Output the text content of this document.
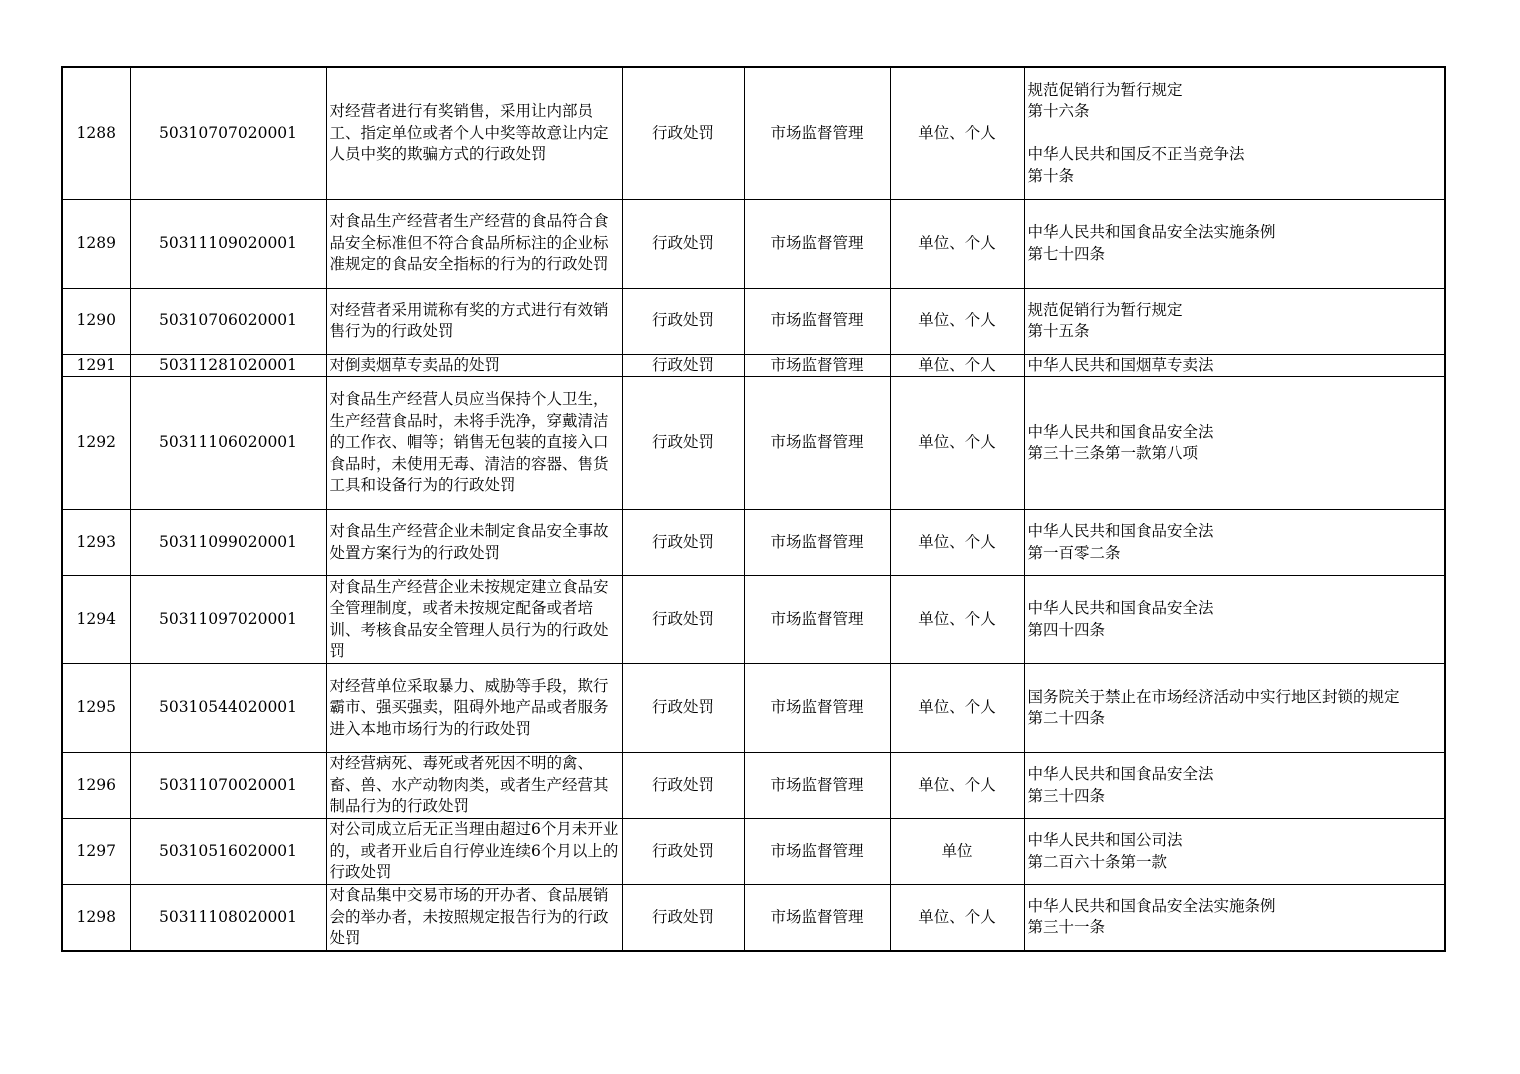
1288	50310707020001	对经营者进行有奖销售，采用让内部员工、指定单位或者个人中奖等故意让内定人员中奖的欺骗方式的行政处罚	行政处罚	市场监督管理	单位、个人	规范促销行为暂行规定
第十六条
中华人民共和国反不正当竞争法
第十条

1289	50311109020001	对食品生产经营者生产经营的食品符合食品安全标准但不符合食品所标注的企业标准规定的食品安全指标的行为的行政处罚	行政处罚	市场监督管理	单位、个人	中华人民共和国食品安全法实施条例
第七十四条

1290	50310706020001	对经营者采用谎称有奖的方式进行有效销售行为的行政处罚	行政处罚	市场监督管理	单位、个人	规范促销行为暂行规定
第十五条

1291	50311281020001	对倒卖烟草专卖品的处罚	行政处罚	市场监督管理	单位、个人	中华人民共和国烟草专卖法

1292	50311106020001	对食品生产经营人员应当保持个人卫生，生产经营食品时，未将手洗净，穿戴清洁的工作衣、帽等；销售无包装的直接入口食品时，未使用无毒、清洁的容器、售货工具和设备行为的行政处罚	行政处罚	市场监督管理	单位、个人	中华人民共和国食品安全法
第三十三条第一款第八项

1293	50311099020001	对食品生产经营企业未制定食品安全事故处置方案行为的行政处罚	行政处罚	市场监督管理	单位、个人	中华人民共和国食品安全法
第一百零二条

1294	50311097020001	对食品生产经营企业未按规定建立食品安全管理制度，或者未按规定配备或者培训、考核食品安全管理人员行为的行政处罚	行政处罚	市场监督管理	单位、个人	中华人民共和国食品安全法
第四十四条

1295	50310544020001	对经营单位采取暴力、威胁等手段，欺行霸市、强买强卖，阻碍外地产品或者服务进入本地市场行为的行政处罚	行政处罚	市场监督管理	单位、个人	国务院关于禁止在市场经济活动中实行地区封锁的规定
第二十四条

1296	50311070020001	对经营病死、毒死或者死因不明的禽、畜、兽、水产动物肉类，或者生产经营其制品行为的行政处罚	行政处罚	市场监督管理	单位、个人	中华人民共和国食品安全法
第三十四条

1297	50310516020001	对公司成立后无正当理由超过6个月未开业的，或者开业后自行停业连续6个月以上的行政处罚	行政处罚	市场监督管理	单位	中华人民共和国公司法
第二百六十条第一款

1298	50311108020001	对食品集中交易市场的开办者、食品展销会的举办者，未按照规定报告行为的行政处罚	行政处罚	市场监督管理	单位、个人	中华人民共和国食品安全法实施条例
第三十一条
